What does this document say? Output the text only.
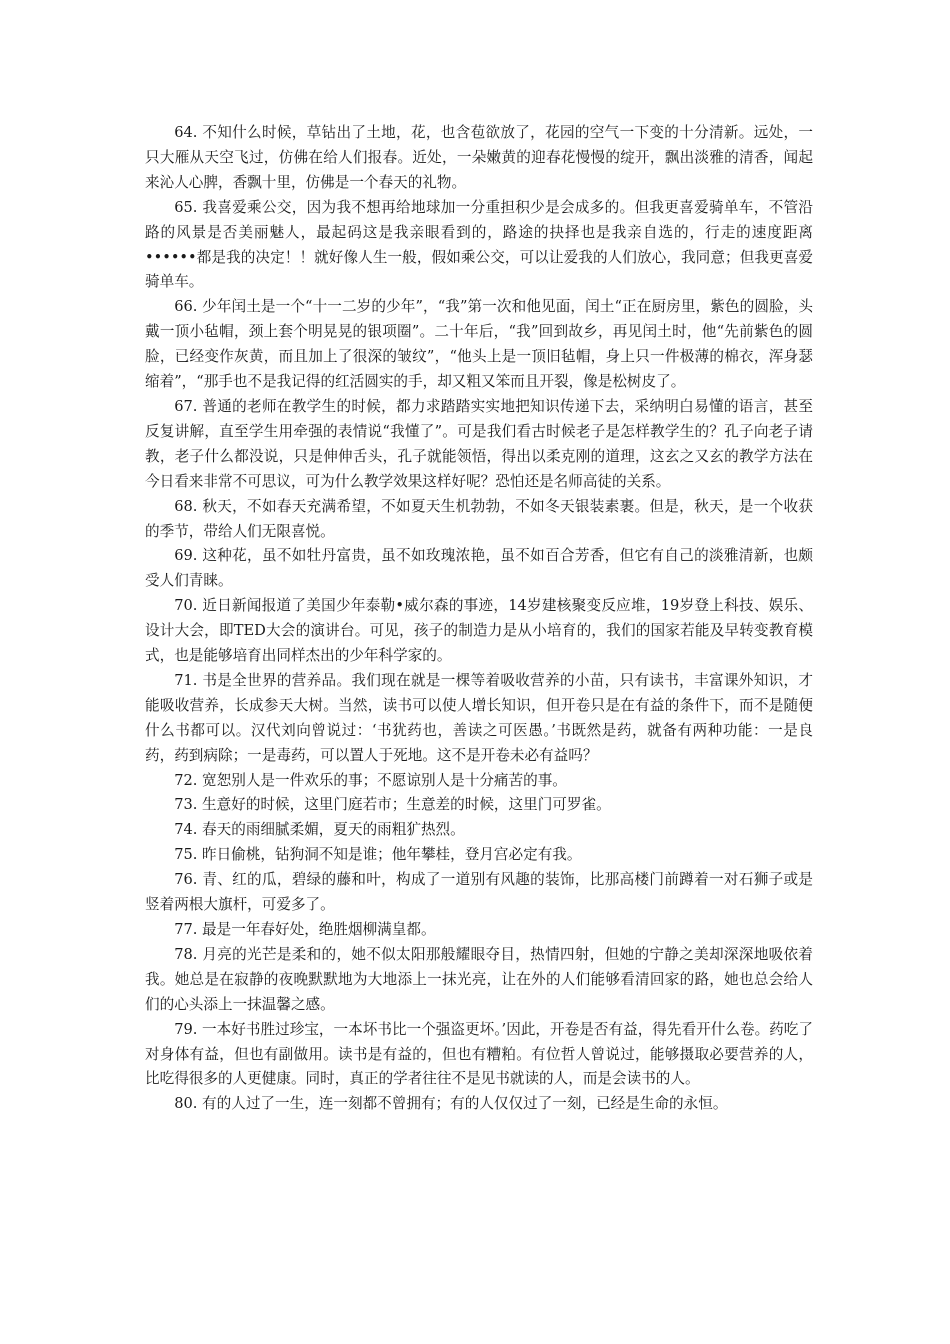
64. 不知什么时候，草钻出了土地，花，也含苞欲放了，花园的空气一下变的十分清新。远处，一只大雁从天空飞过，仿佛在给人们报春。近处，一朵嫩黄的迎春花慢慢的绽开，飘出淡雅的清香，闻起来沁人心脾，香飘十里，仿佛是一个春天的礼物。

65. 我喜爱乘公交，因为我不想再给地球加一分重担积少是会成多的。但我更喜爱骑单车，不管沿路的风景是否美丽魅人，最起码这是我亲眼看到的，路途的抉择也是我亲自选的，行走的速度距离••••••都是我的决定！！就好像人生一般，假如乘公交，可以让爱我的人们放心，我同意；但我更喜爱骑单车。

66. 少年闰土是一个“十一二岁的少年”，“我”第一次和他见面，闰土“正在厨房里，紫色的圆脸，头戴一顶小毡帽，颈上套个明晃晃的银项圈”。二十年后，“我”回到故乡，再见闰土时，他“先前紫色的圆脸，已经变作灰黄，而且加上了很深的皱纹”，“他头上是一顶旧毡帽，身上只一件极薄的棉衣，浑身瑟缩着”，“那手也不是我记得的红活圆实的手，却又粗又笨而且开裂，像是松树皮了。

67. 普通的老师在教学生的时候，都力求踏踏实实地把知识传递下去，采纳明白易懂的语言，甚至反复讲解，直至学生用牵强的表情说“我懂了”。可是我们看古时候老子是怎样教学生的？孔子向老子请教，老子什么都没说，只是伸伸舌头，孔子就能领悟，得出以柔克刚的道理，这玄之又玄的教学方法在今日看来非常不可思议，可为什么教学效果这样好呢？恐怕还是名师高徒的关系。

68. 秋天，不如春天充满希望，不如夏天生机勃勃，不如冬天银装素裹。但是，秋天，是一个收获的季节，带给人们无限喜悦。

69. 这种花，虽不如牡丹富贵，虽不如玫瑰浓艳，虽不如百合芳香，但它有自己的淡雅清新，也颇受人们青睐。

70. 近日新闻报道了美国少年泰勒•威尔森的事迹，14岁建核聚变反应堆，19岁登上科技、娱乐、设计大会，即TED大会的演讲台。可见，孩子的制造力是从小培育的，我们的国家若能及早转变教育模式，也是能够培育出同样杰出的少年科学家的。

71. 书是全世界的营养品。我们现在就是一棵等着吸收营养的小苗，只有读书，丰富课外知识，才能吸收营养，长成参天大树。当然，读书可以使人增长知识，但开卷只是在有益的条件下，而不是随便什么书都可以。汉代刘向曾说过：‘书犹药也，善读之可医愚。’书既然是药，就备有两种功能：一是良药，药到病除；一是毒药，可以置人于死地。这不是开卷未必有益吗？

72. 宽恕别人是一件欢乐的事；不愿谅别人是十分痛苦的事。

73. 生意好的时候，这里门庭若市；生意差的时候，这里门可罗雀。

74. 春天的雨细腻柔媚，夏天的雨粗犷热烈。

75. 昨日偷桃，钻狗洞不知是谁；他年攀桂，登月宫必定有我。

76. 青、红的瓜，碧绿的藤和叶，构成了一道别有风趣的装饰，比那高楼门前蹲着一对石狮子或是竖着两根大旗杆，可爱多了。

77. 最是一年春好处，绝胜烟柳满皇都。

78. 月亮的光芒是柔和的，她不似太阳那般耀眼夺目，热情四射，但她的宁静之美却深深地吸依着我。她总是在寂静的夜晚默默地为大地添上一抹光亮，让在外的人们能够看清回家的路，她也总会给人们的心头添上一抹温馨之感。

79. 一本好书胜过珍宝，一本坏书比一个强盗更坏。’因此，开卷是否有益，得先看开什么卷。药吃了对身体有益，但也有副做用。读书是有益的，但也有糟粕。有位哲人曾说过，能够摄取必要营养的人，比吃得很多的人更健康。同时，真正的学者往往不是见书就读的人，而是会读书的人。

80. 有的人过了一生，连一刻都不曾拥有；有的人仅仅过了一刻，已经是生命的永恒。
